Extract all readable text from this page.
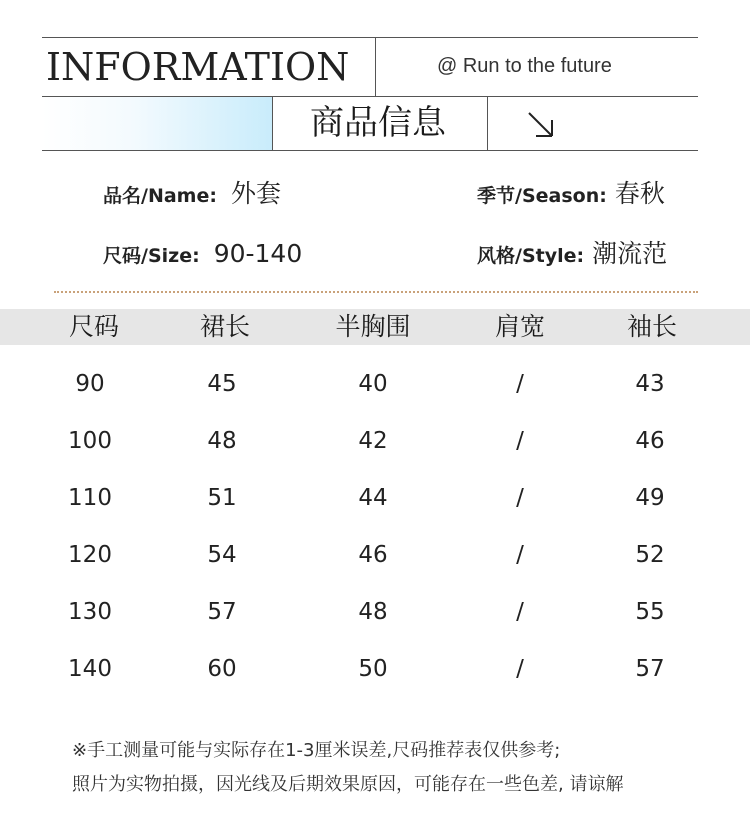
INFORMATION	@ Run to the future
商品信息
品名/Name: 外套	季节/Season: 春秋
尺码/Size: 90-140	风格/Style: 潮流范
尺码	裙长	半胸围	肩宽	袖长
90	45	40	/	43
100	48	42	/	46
110	51	44	/	49
120	54	46	/	52
130	57	48	/	55
140	60	50	/	57
※手工测量可能与实际存在1-3厘米误差,尺码推荐表仅供参考;
照片为实物拍摄，因光线及后期效果原因，可能存在一些色差, 请谅解
